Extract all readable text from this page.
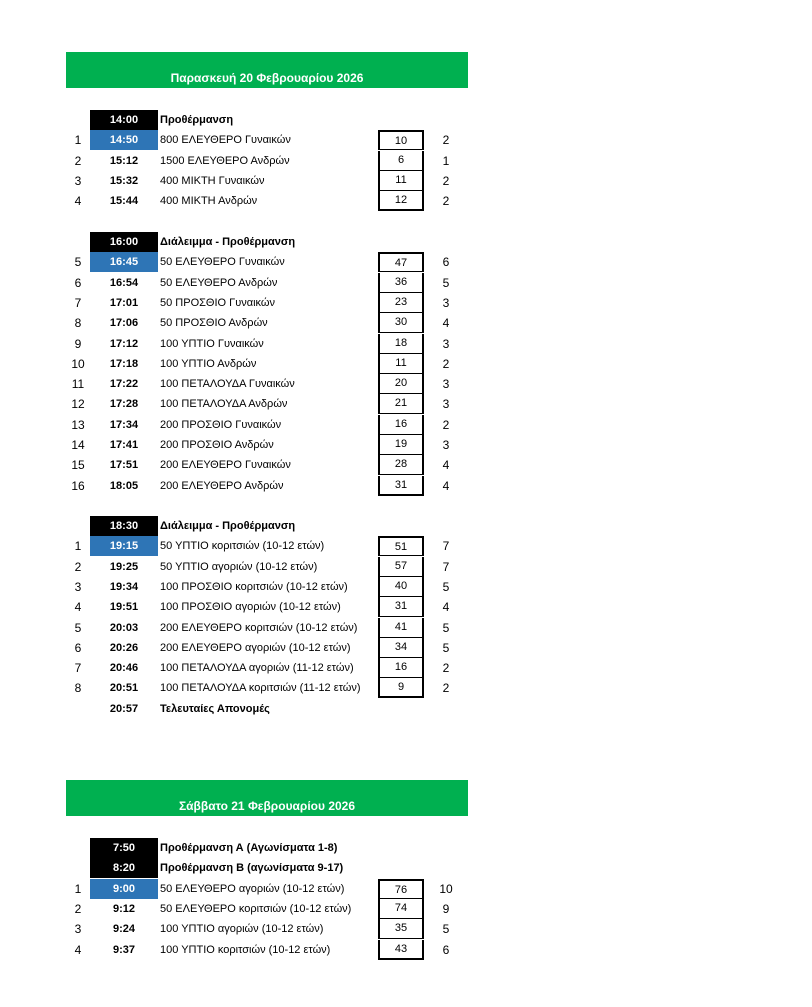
Παρασκευή 20 Φεβρουαρίου 2026
14:00	Προθέρμανση
1	14:50	800 ΕΛΕΥΘΕΡΟ Γυναικών	10	2
2	15:12	1500 ΕΛΕΥΘΕΡΟ Ανδρών	6	1
3	15:32	400 ΜΙΚΤΗ Γυναικών	11	2
4	15:44	400 ΜΙΚΤΗ Ανδρών	12	2
16:00	Διάλειμμα - Προθέρμανση
5	16:45	50 ΕΛΕΥΘΕΡΟ Γυναικών	47	6
6	16:54	50 ΕΛΕΥΘΕΡΟ Ανδρών	36	5
7	17:01	50 ΠΡΟΣΘΙΟ Γυναικών	23	3
8	17:06	50 ΠΡΟΣΘΙΟ Ανδρών	30	4
9	17:12	100 ΥΠΤΙΟ Γυναικών	18	3
10	17:18	100 ΥΠΤΙΟ Ανδρών	11	2
11	17:22	100 ΠΕΤΑΛΟΥΔΑ Γυναικών	20	3
12	17:28	100 ΠΕΤΑΛΟΥΔΑ Ανδρών	21	3
13	17:34	200 ΠΡΟΣΘΙΟ Γυναικών	16	2
14	17:41	200 ΠΡΟΣΘΙΟ Ανδρών	19	3
15	17:51	200 ΕΛΕΥΘΕΡΟ Γυναικών	28	4
16	18:05	200 ΕΛΕΥΘΕΡΟ Ανδρών	31	4
18:30	Διάλειμμα - Προθέρμανση
1	19:15	50 ΥΠΤΙΟ κοριτσιών (10-12 ετών)	51	7
2	19:25	50 ΥΠΤΙΟ αγοριών (10-12 ετών)	57	7
3	19:34	100 ΠΡΟΣΘΙΟ κοριτσιών (10-12 ετών)	40	5
4	19:51	100 ΠΡΟΣΘΙΟ αγοριών (10-12 ετών)	31	4
5	20:03	200 ΕΛΕΥΘΕΡΟ κοριτσιών (10-12 ετών)	41	5
6	20:26	200 ΕΛΕΥΘΕΡΟ αγοριών (10-12 ετών)	34	5
7	20:46	100 ΠΕΤΑΛΟΥΔΑ αγοριών (11-12 ετών)	16	2
8	20:51	100 ΠΕΤΑΛΟΥΔΑ κοριτσιών (11-12 ετών)	9	2
20:57	Τελευταίες Απονομές
Σάββατο 21 Φεβρουαρίου 2026
7:50	Προθέρμανση Α (Αγωνίσματα 1-8)
8:20	Προθέρμανση Β (αγωνίσματα 9-17)
1	9:00	50 ΕΛΕΥΘΕΡΟ αγοριών (10-12 ετών)	76	10
2	9:12	50 ΕΛΕΥΘΕΡΟ κοριτσιών (10-12 ετών)	74	9
3	9:24	100 ΥΠΤΙΟ αγοριών (10-12 ετών)	35	5
4	9:37	100 ΥΠΤΙΟ κοριτσιών (10-12 ετών)	43	6
